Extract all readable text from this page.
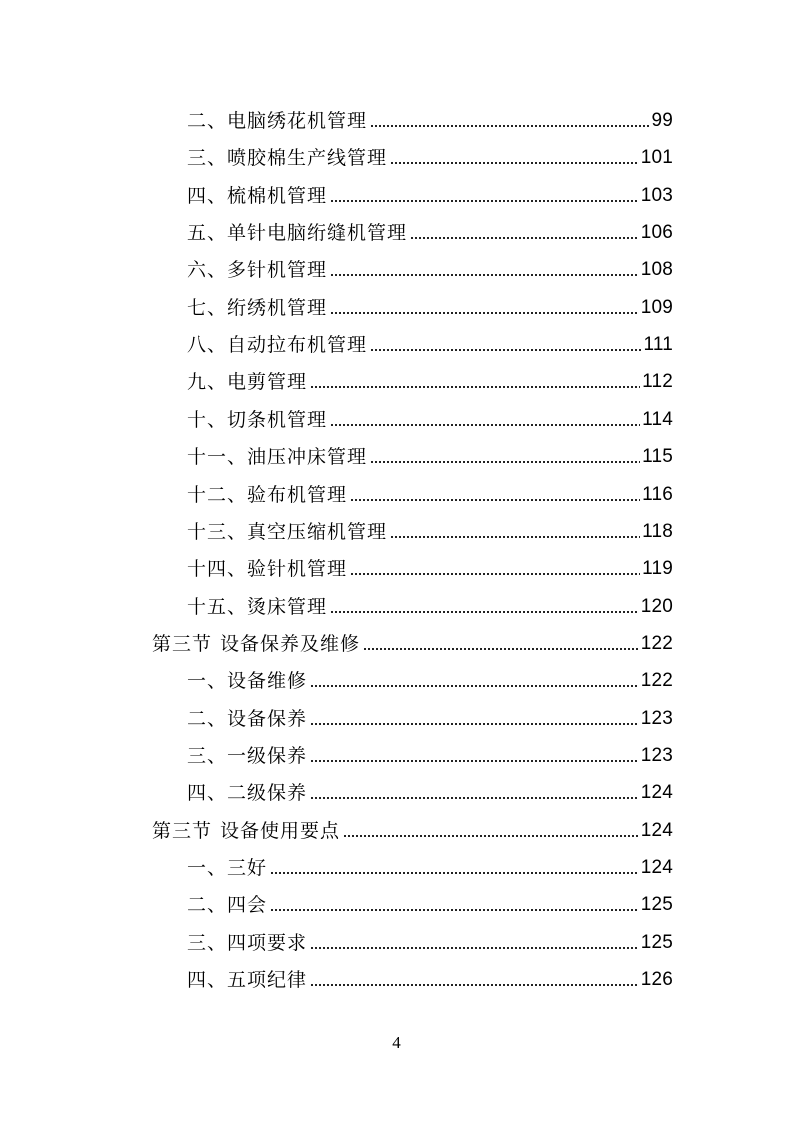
二、电脑绣花机管理	99
三、喷胶棉生产线管理	101
四、梳棉机管理	103
五、单针电脑绗缝机管理	106
六、多针机管理	108
七、绗绣机管理	109
八、自动拉布机管理	111
九、电剪管理	112
十、切条机管理	114
十一、油压冲床管理	115
十二、验布机管理	116
十三、真空压缩机管理	118
十四、验针机管理	119
十五、烫床管理	120
第三节 设备保养及维修	122
一、设备维修	122
二、设备保养	123
三、一级保养	123
四、二级保养	124
第三节 设备使用要点	124
一、三好	124
二、四会	125
三、四项要求	125
四、五项纪律	126
4
